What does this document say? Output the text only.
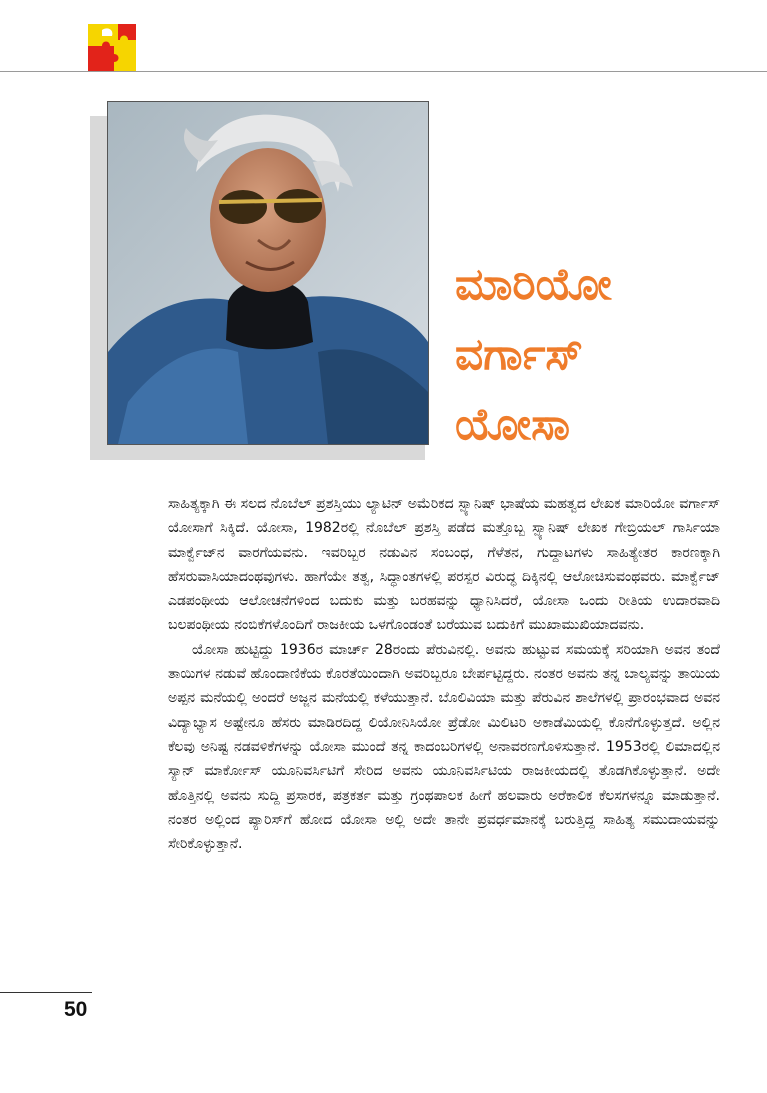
ಮಾರಿಯೋ
ವರ್ಗಾಸ್
ಯೋಸಾ

ಸಾಹಿತ್ಯಕ್ಕಾಗಿ ಈ ಸಲದ ನೊಬೆಲ್ ಪ್ರಶಸ್ತಿಯು ಲ್ಯಾಟಿನ್ ಅಮೆರಿಕದ ಸ್ಪ್ಯಾನಿಷ್ ಭಾಷೆಯ ಮಹತ್ವದ ಲೇಖಕ ಮಾರಿಯೋ ವರ್ಗಾಸ್ ಯೋಸಾಗೆ ಸಿಕ್ಕಿದೆ. ಯೋಸಾ, 1982ರಲ್ಲಿ ನೊಬೆಲ್ ಪ್ರಶಸ್ತಿ ಪಡೆದ ಮತ್ತೊಬ್ಬ ಸ್ಪ್ಯಾನಿಷ್ ಲೇಖಕ ಗೇಬ್ರಿಯಲ್ ಗಾರ್ಸಿಯಾ ಮಾರ್ಕ್ವೆಜ್‌ನ ವಾರಗೆಯವನು. ಇವರಿಬ್ಬರ ನಡುವಿನ ಸಂಬಂಧ, ಗೆಳೆತನ, ಗುದ್ದಾಟಗಳು ಸಾಹಿತ್ಯೇತರ ಕಾರಣಕ್ಕಾಗಿ ಹೆಸರುವಾಸಿಯಾದಂಥವುಗಳು. ಹಾಗೆಯೇ ತತ್ವ, ಸಿದ್ಧಾಂತಗಳಲ್ಲಿ ಪರಸ್ಪರ ವಿರುದ್ಧ ದಿಕ್ಕಿನಲ್ಲಿ ಆಲೋಚಿಸುವಂಥವರು. ಮಾರ್ಕ್ವೆಜ್ ಎಡಪಂಥೀಯ ಆಲೋಚನೆಗಳಿಂದ ಬದುಕು ಮತ್ತು ಬರಹವನ್ನು ಧ್ಯಾನಿಸಿದರೆ, ಯೋಸಾ ಒಂದು ರೀತಿಯ ಉದಾರವಾದಿ ಬಲಪಂಥೀಯ ನಂಬಿಕೆಗಳೊಂದಿಗೆ ರಾಜಕೀಯ ಒಳಗೊಂಡಂತೆ ಬರೆಯುವ ಬದುಕಿಗೆ ಮುಖಾಮುಖಿಯಾದವನು.

ಯೋಸಾ ಹುಟ್ಟಿದ್ದು 1936ರ ಮಾರ್ಚ್ 28ರಂದು ಪೆರುವಿನಲ್ಲಿ. ಅವನು ಹುಟ್ಟುವ ಸಮಯಕ್ಕೆ ಸರಿಯಾಗಿ ಅವನ ತಂದೆ ತಾಯಿಗಳ ನಡುವೆ ಹೊಂದಾಣಿಕೆಯ ಕೊರತೆಯಿಂದಾಗಿ ಅವರಿಬ್ಬರೂ ಬೇರ್ಪಟ್ಟಿದ್ದರು. ನಂತರ ಅವನು ತನ್ನ ಬಾಲ್ಯವನ್ನು ತಾಯಿಯ ಅಪ್ಪನ ಮನೆಯಲ್ಲಿ ಅಂದರೆ ಅಜ್ಜನ ಮನೆಯಲ್ಲಿ ಕಳೆಯುತ್ತಾನೆ. ಬೊಲಿವಿಯಾ ಮತ್ತು ಪೆರುವಿನ ಶಾಲೆಗಳಲ್ಲಿ ಪ್ರಾರಂಭವಾದ ಅವನ ವಿದ್ಯಾಭ್ಯಾಸ ಅಷ್ಟೇನೂ ಹೆಸರು ಮಾಡಿರದಿದ್ದ ಲಿಯೋನಿಸಿಯೋ ಪ್ರೆಡೋ ಮಿಲಿಟರಿ ಅಕಾಡೆಮಿಯಲ್ಲಿ ಕೊನೆಗೊಳ್ಳುತ್ತದೆ. ಅಲ್ಲಿನ ಕೆಲವು ಅನಿಷ್ಟ ನಡವಳಿಕೆಗಳನ್ನು ಯೋಸಾ ಮುಂದೆ ತನ್ನ ಕಾದಂಬರಿಗಳಲ್ಲಿ ಅನಾವರಣಗೊಳಿಸುತ್ತಾನೆ. 1953ರಲ್ಲಿ ಲಿಮಾದಲ್ಲಿನ ಸ್ಯಾನ್ ಮಾರ್ಕೋಸ್ ಯೂನಿವರ್ಸಿಟಿಗೆ ಸೇರಿದ ಅವನು ಯೂನಿವರ್ಸಿಟಿಯ ರಾಜಕೀಯದಲ್ಲಿ ತೊಡಗಿಕೊಳ್ಳುತ್ತಾನೆ. ಅದೇ ಹೊತ್ತಿನಲ್ಲಿ ಅವನು ಸುದ್ದಿ ಪ್ರಸಾರಕ, ಪತ್ರಕರ್ತ ಮತ್ತು ಗ್ರಂಥಪಾಲಕ ಹೀಗೆ ಹಲವಾರು ಅರೆಕಾಲಿಕ ಕೆಲಸಗಳನ್ನೂ ಮಾಡುತ್ತಾನೆ. ನಂತರ ಅಲ್ಲಿಂದ ಪ್ಯಾರಿಸ್‌ಗೆ ಹೋದ ಯೋಸಾ ಅಲ್ಲಿ ಅದೇ ತಾನೇ ಪ್ರವರ್ಧಮಾನಕ್ಕೆ ಬರುತ್ತಿದ್ದ ಸಾಹಿತ್ಯ ಸಮುದಾಯವನ್ನು ಸೇರಿಕೊಳ್ಳುತ್ತಾನೆ.

50
